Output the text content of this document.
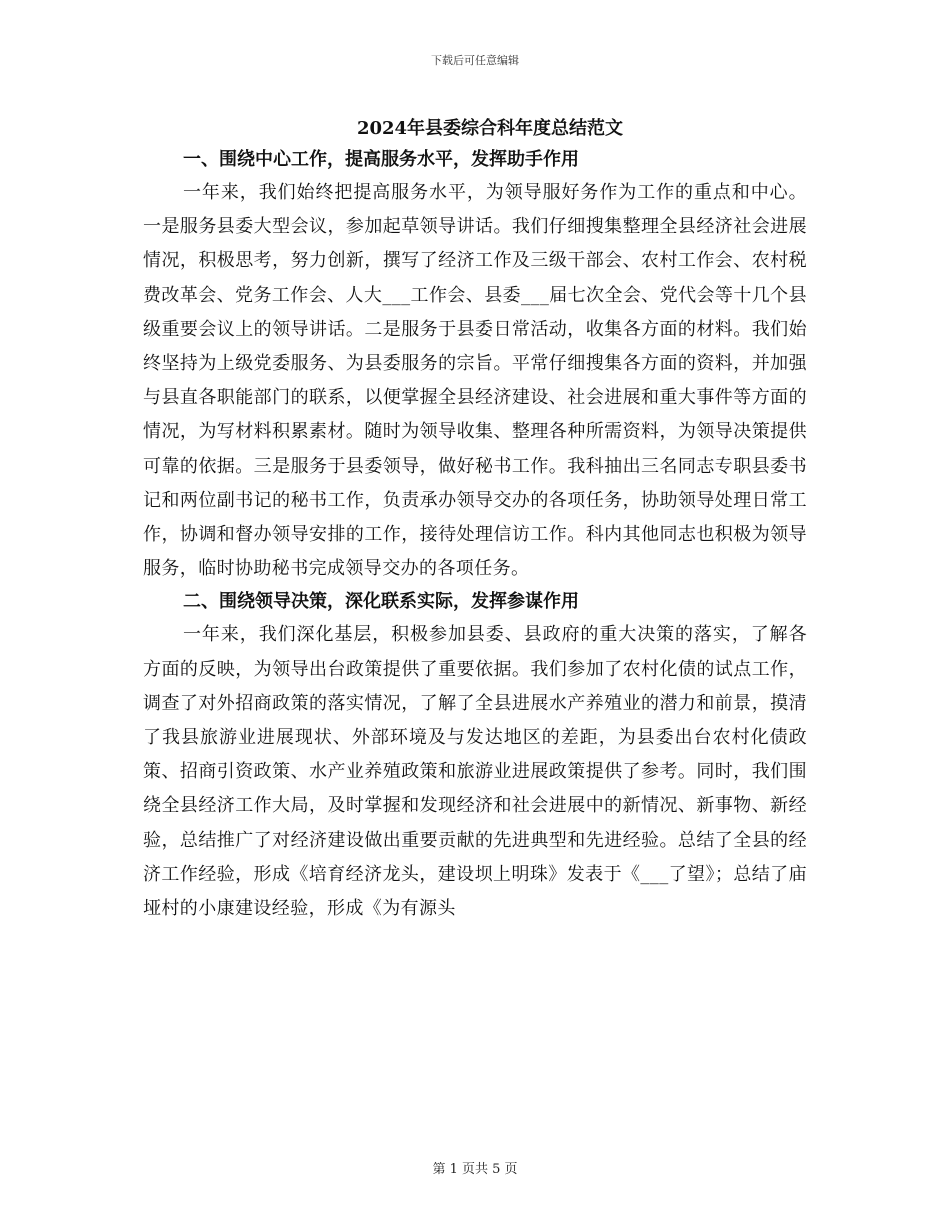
下载后可任意编辑
2024年县委综合科年度总结范文
一、围绕中心工作，提高服务水平，发挥助手作用

一年来，我们始终把提高服务水平，为领导服好务作为工作的重点和中心。一是服务县委大型会议，参加起草领导讲话。我们仔细搜集整理全县经济社会进展情况，积极思考，努力创新，撰写了经济工作及三级干部会、农村工作会、农村税费改革会、党务工作会、人大___工作会、县委___届七次全会、党代会等十几个县级重要会议上的领导讲话。二是服务于县委日常活动，收集各方面的材料。我们始终坚持为上级党委服务、为县委服务的宗旨。平常仔细搜集各方面的资料，并加强与县直各职能部门的联系，以便掌握全县经济建设、社会进展和重大事件等方面的情况，为写材料积累素材。随时为领导收集、整理各种所需资料，为领导决策提供可靠的依据。三是服务于县委领导，做好秘书工作。我科抽出三名同志专职县委书记和两位副书记的秘书工作，负责承办领导交办的各项任务，协助领导处理日常工作，协调和督办领导安排的工作，接待处理信访工作。科内其他同志也积极为领导服务，临时协助秘书完成领导交办的各项任务。

二、围绕领导决策，深化联系实际，发挥参谋作用

一年来，我们深化基层，积极参加县委、县政府的重大决策的落实，了解各方面的反映，为领导出台政策提供了重要依据。我们参加了农村化债的试点工作，调查了对外招商政策的落实情况，了解了全县进展水产养殖业的潜力和前景，摸清了我县旅游业进展现状、外部环境及与发达地区的差距，为县委出台农村化债政策、招商引资政策、水产业养殖政策和旅游业进展政策提供了参考。同时，我们围绕全县经济工作大局，及时掌握和发现经济和社会进展中的新情况、新事物、新经验，总结推广了对经济建设做出重要贡献的先进典型和先进经验。总结了全县的经济工作经验，形成《培育经济龙头，建设坝上明珠》发表于《___了望》；总结了庙垭村的小康建设经验，形成《为有源头

第 1 页共 5 页
